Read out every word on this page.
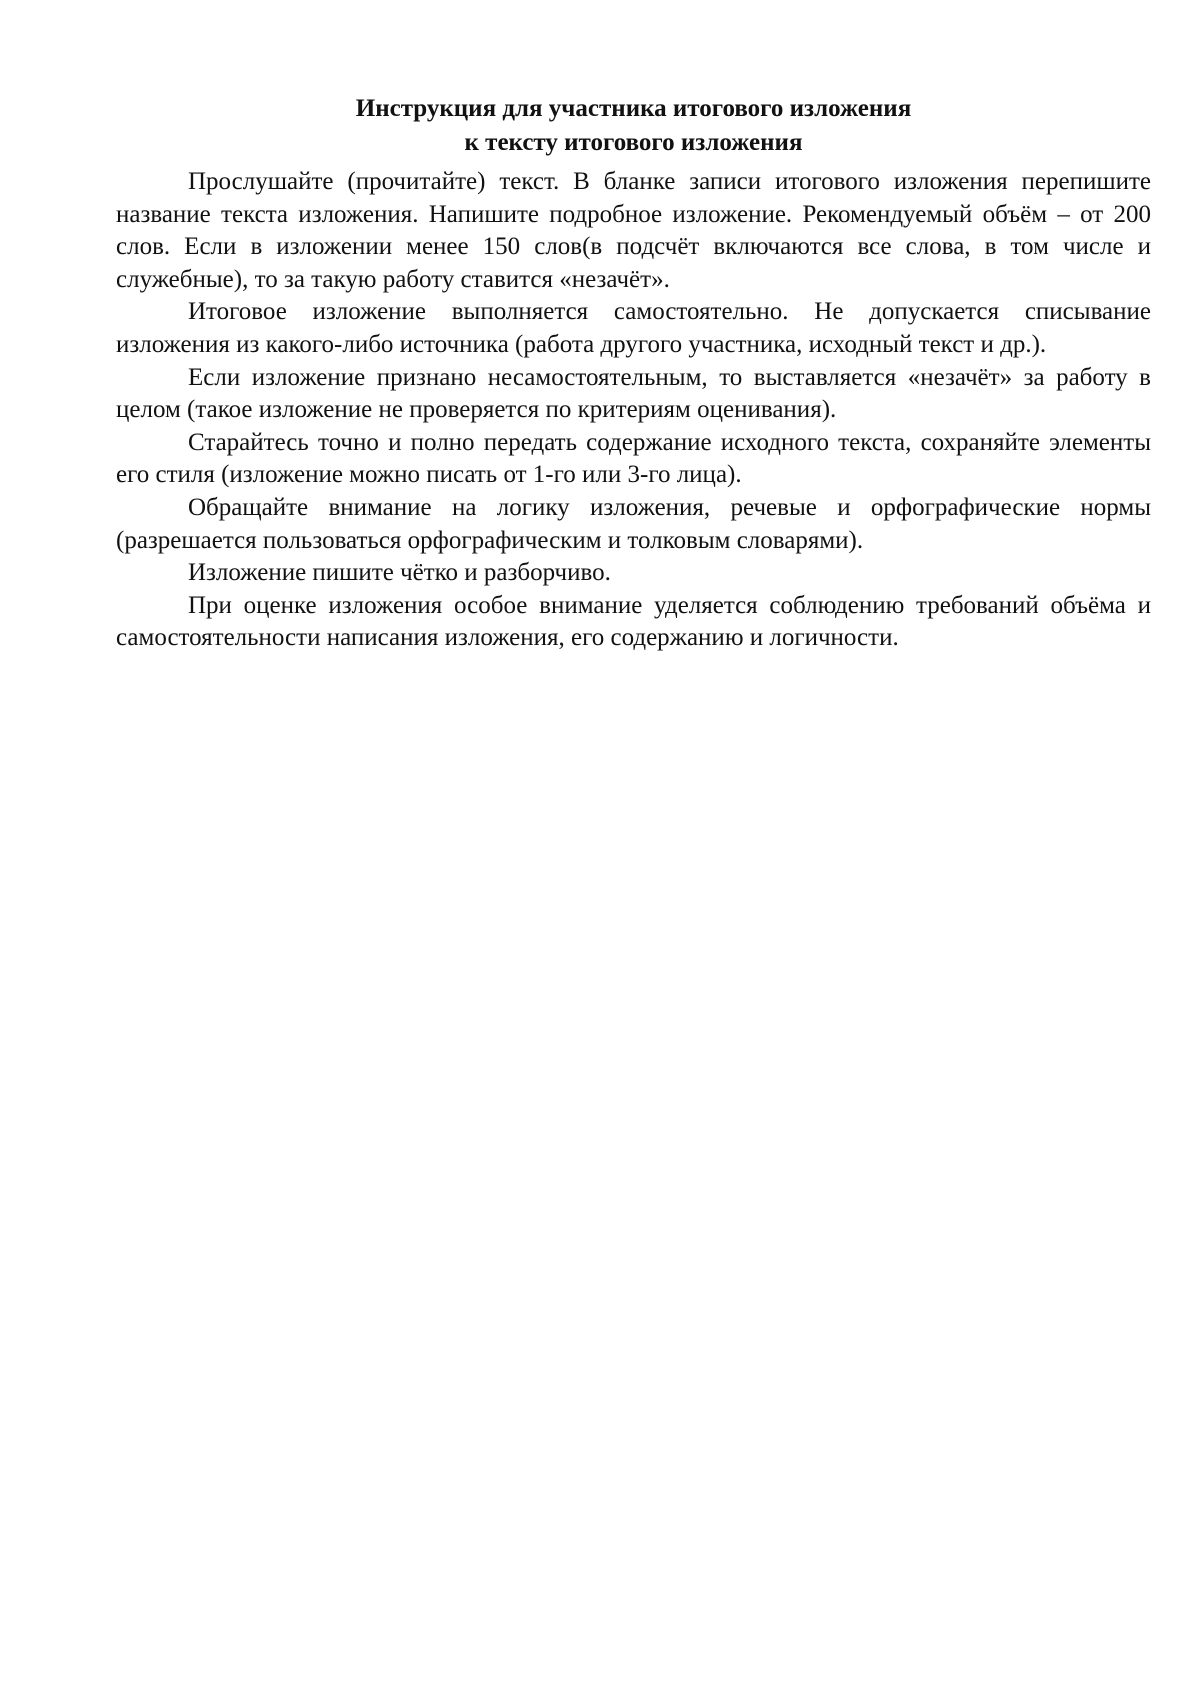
Инструкция для участника итогового изложения
к тексту итогового изложения

Прослушайте (прочитайте) текст. В бланке записи итогового изложения перепишите название текста изложения. Напишите подробное изложение. Рекомендуемый объём – от 200 слов. Если в изложении менее 150 слов(в подсчёт включаются все слова, в том числе и служебные), то за такую работу ставится «незачёт».

Итоговое изложение выполняется самостоятельно. Не допускается списывание изложения из какого-либо источника (работа другого участника, исходный текст и др.).

Если изложение признано несамостоятельным, то выставляется «незачёт» за работу в целом (такое изложение не проверяется по критериям оценивания).

Старайтесь точно и полно передать содержание исходного текста, сохраняйте элементы его стиля (изложение можно писать от 1-го или 3-го лица).

Обращайте внимание на логику изложения, речевые и орфографические нормы (разрешается пользоваться орфографическим и толковым словарями).

Изложение пишите чётко и разборчиво.

При оценке изложения особое внимание уделяется соблюдению требований объёма и самостоятельности написания изложения, его содержанию и логичности.
